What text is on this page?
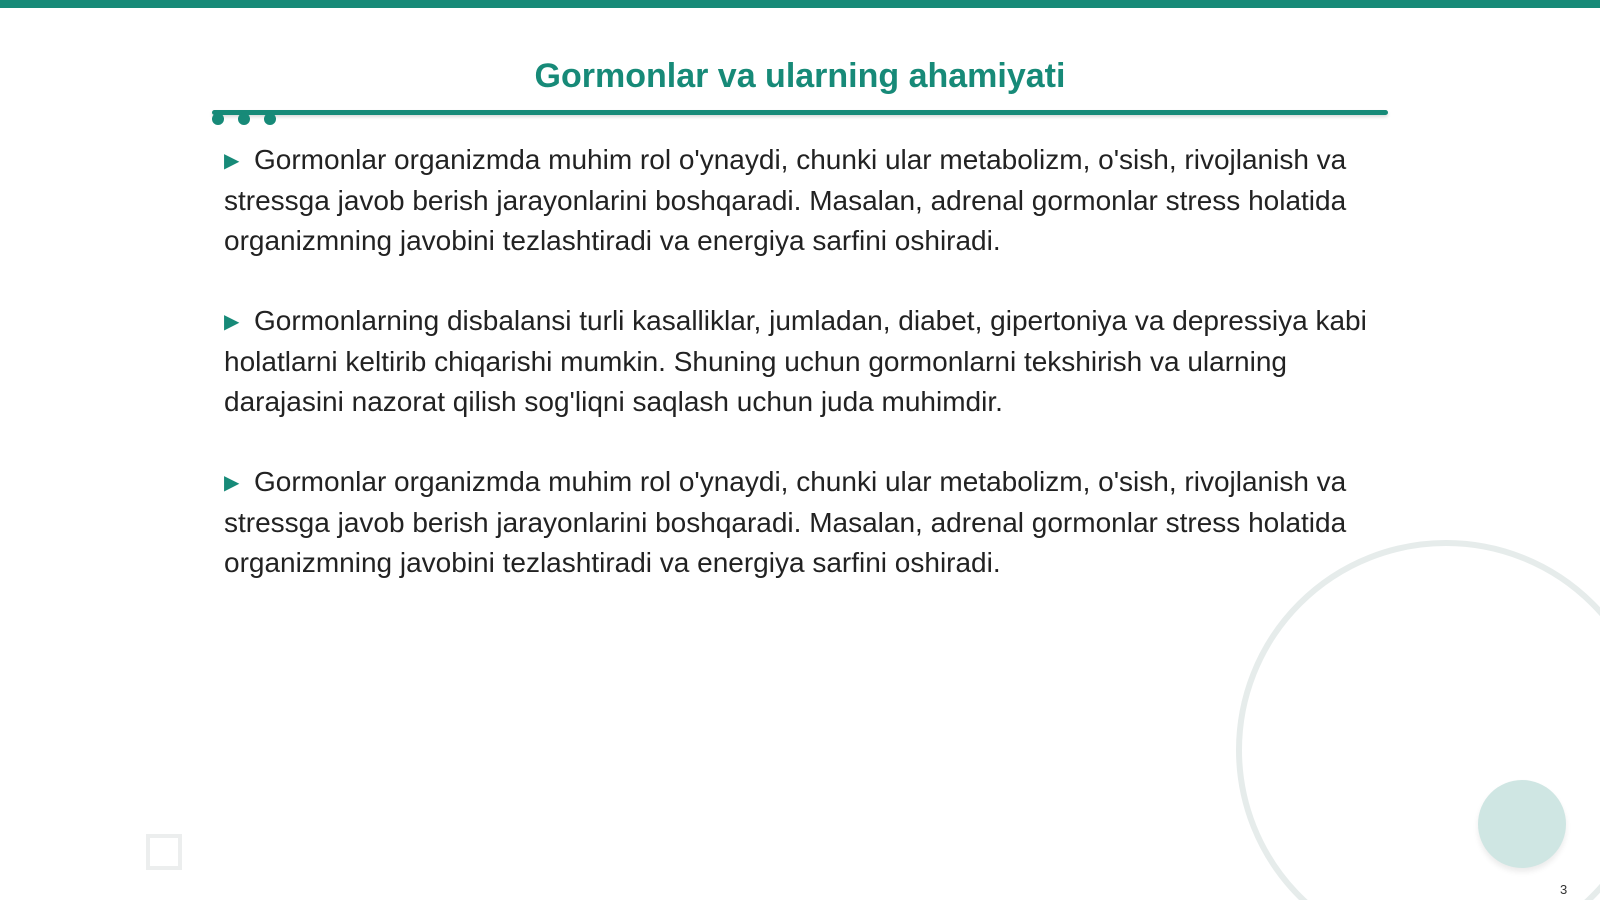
Gormonlar va ularning ahamiyati
▶ Gormonlar organizmda muhim rol o'ynaydi, chunki ular metabolizm, o'sish, rivojlanish va stressga javob berish jarayonlarini boshqaradi. Masalan, adrenal gormonlar stress holatida organizmning javobini tezlashtiradi va energiya sarfini oshiradi.
▶ Gormonlarning disbalansi turli kasalliklar, jumladan, diabet, gipertoniya va depressiya kabi holatlarni keltirib chiqarishi mumkin. Shuning uchun gormonlarni tekshirish va ularning darajasini nazorat qilish sog'liqni saqlash uchun juda muhimdir.
▶ Gormonlar organizmda muhim rol o'ynaydi, chunki ular metabolizm, o'sish, rivojlanish va stressga javob berish jarayonlarini boshqaradi. Masalan, adrenal gormonlar stress holatida organizmning javobini tezlashtiradi va energiya sarfini oshiradi.
3
